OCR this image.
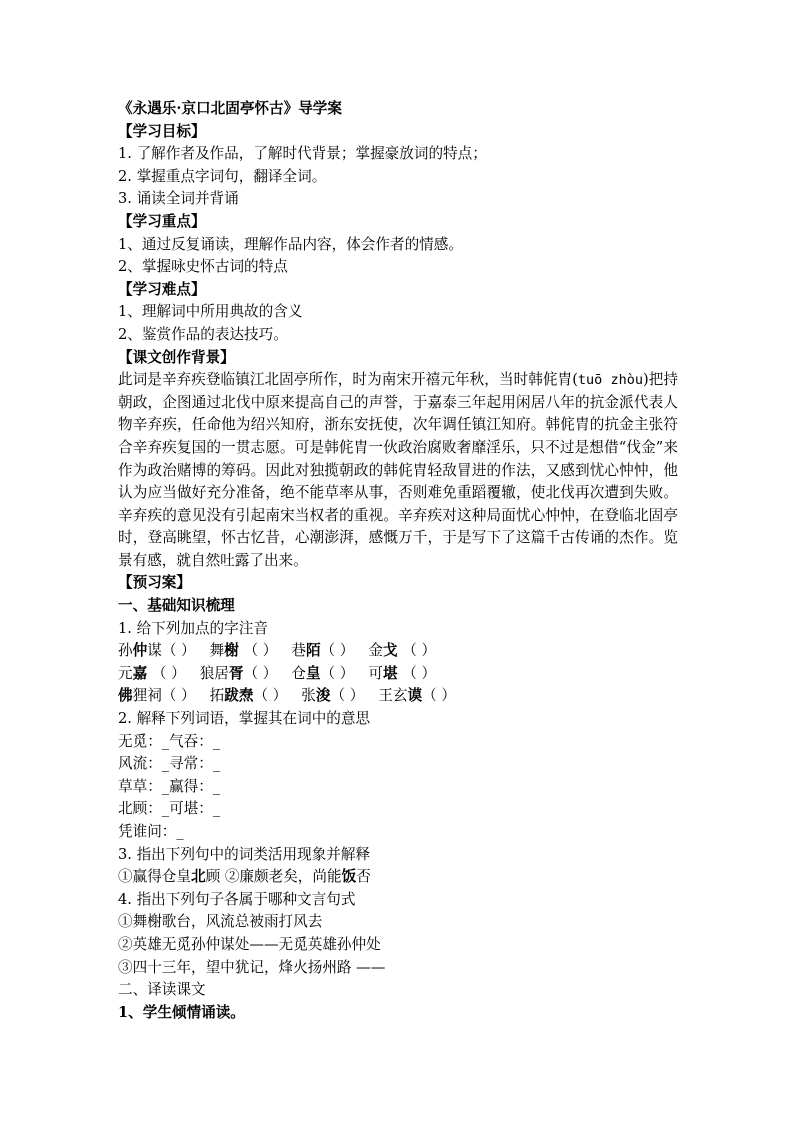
《永遇乐·京口北固亭怀古》导学案
【学习目标】
1. 了解作者及作品，了解时代背景；掌握豪放词的特点；
2. 掌握重点字词句，翻译全词。
3. 诵读全词并背诵
【学习重点】
1、通过反复诵读，理解作品内容，体会作者的情感。
2、掌握咏史怀古词的特点
【学习难点】
1、理解词中所用典故的含义
2、鉴赏作品的表达技巧。
【课文创作背景】
此词是辛弃疾登临镇江北固亭所作，时为南宋开禧元年秋，当时韩侂胄(tuō zhòu)把持朝政，企图通过北伐中原来提高自己的声誉，于嘉泰三年起用闲居八年的抗金派代表人物辛弃疾，任命他为绍兴知府，浙东安抚使，次年调任镇江知府。韩侂胄的抗金主张符合辛弃疾复国的一贯志愿。可是韩侂胄一伙政治腐败奢靡淫乐，只不过是想借“伐金”来作为政治赌博的筹码。因此对独揽朝政的韩侂胄轻敌冒进的作法，又感到忧心忡忡，他认为应当做好充分准备，绝不能草率从事，否则难免重蹈覆辙，使北伐再次遭到失败。辛弃疾的意见没有引起南宋当权者的重视。辛弃疾对这种局面忧心忡忡，在登临北固亭时，登高眺望，怀古忆昔，心潮澎湃，感慨万千，于是写下了这篇千古传诵的杰作。览景有感，就自然吐露了出来。
【预习案】
一、基础知识梳理
1. 给下列加点的字注音
孙仲谋（ ） 舞榭 （ ） 巷陌（ ） 金戈 （ ）
元嘉 （ ） 狼居胥（ ） 仓皇（ ） 可堪 （ ）
佛狸祠（ ） 拓跋焘（ ） 张浚（ ） 王玄谟（ ）
2. 解释下列词语，掌握其在词中的意思
无觅：_气吞：_
风流：_寻常：_
草草：_赢得：_
北顾：_可堪：_
凭谁问：_
3. 指出下列句中的词类活用现象并解释
①赢得仓皇北顾 ②廉颇老矣，尚能饭否
4. 指出下列句子各属于哪种文言句式
①舞榭歌台，风流总被雨打风去
②英雄无觅孙仲谋处——无觅英雄孙仲处
③四十三年，望中犹记，烽火扬州路 ——
二、译读课文
1、学生倾情诵读。
